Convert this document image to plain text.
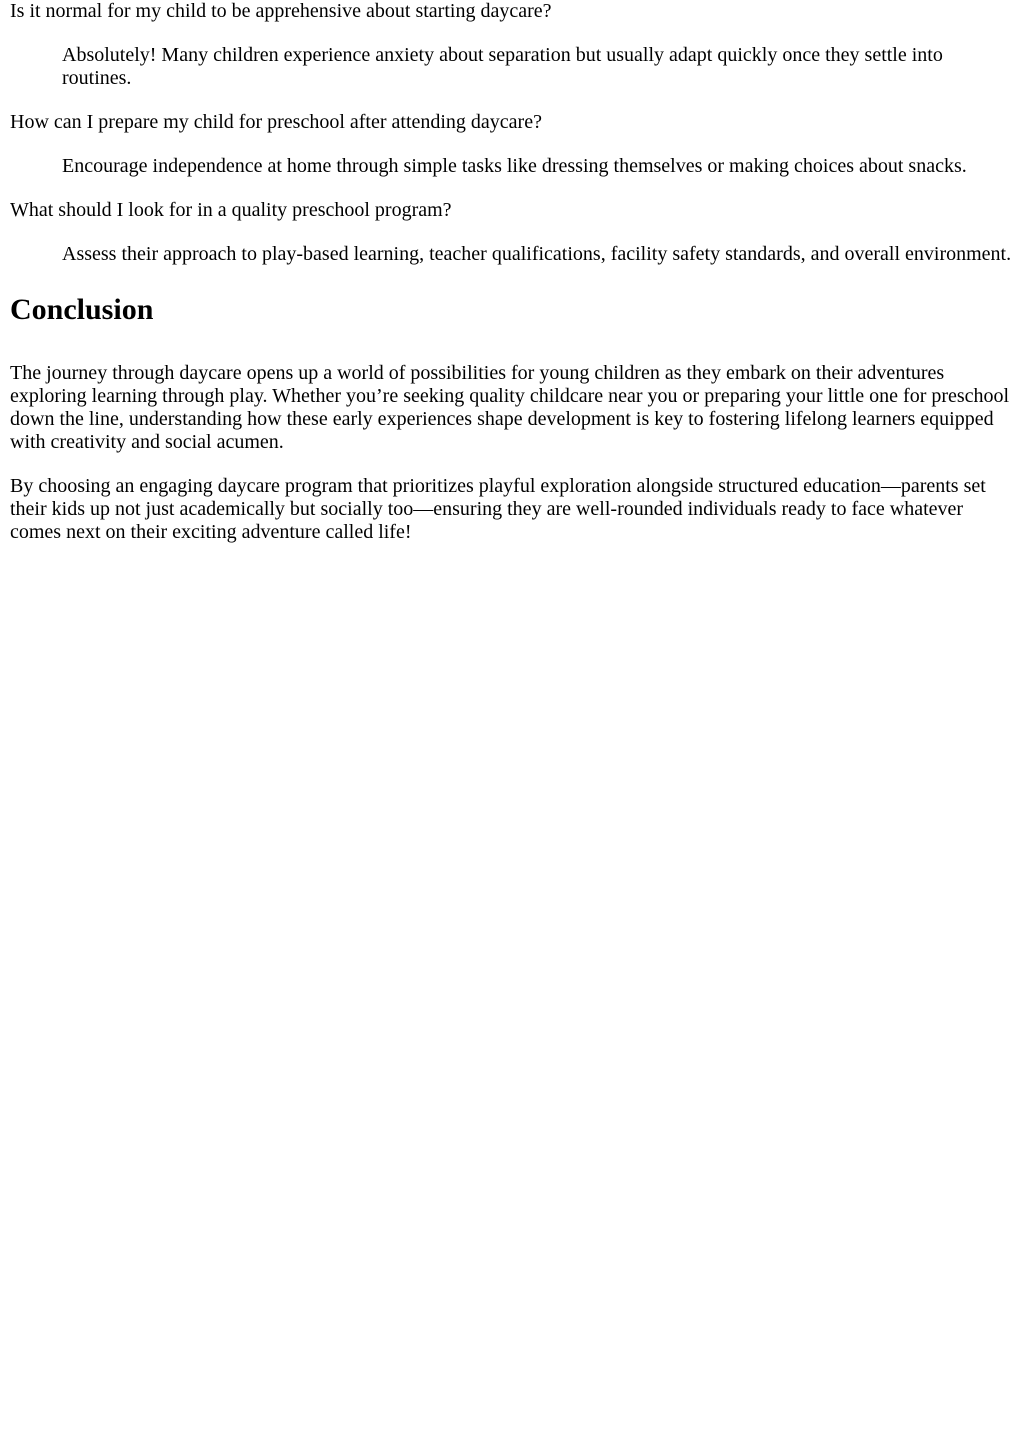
Is it normal for my child to be apprehensive about starting daycare?
Absolutely! Many children experience anxiety about separation but usually adapt quickly once they settle into routines.
How can I prepare my child for preschool after attending daycare?
Encourage independence at home through simple tasks like dressing themselves or making choices about snacks.
What should I look for in a quality preschool program?
Assess their approach to play-based learning, teacher qualifications, facility safety standards, and overall environment.
Conclusion

The journey through daycare opens up a world of possibilities for young children as they embark on their adventures exploring learning through play. Whether you’re seeking quality childcare near you or preparing your little one for preschool down the line, understanding how these early experiences shape development is key to fostering lifelong learners equipped with creativity and social acumen.

By choosing an engaging daycare program that prioritizes playful exploration alongside structured education—parents set their kids up not just academically but socially too—ensuring they are well-rounded individuals ready to face whatever comes next on their exciting adventure called life!
